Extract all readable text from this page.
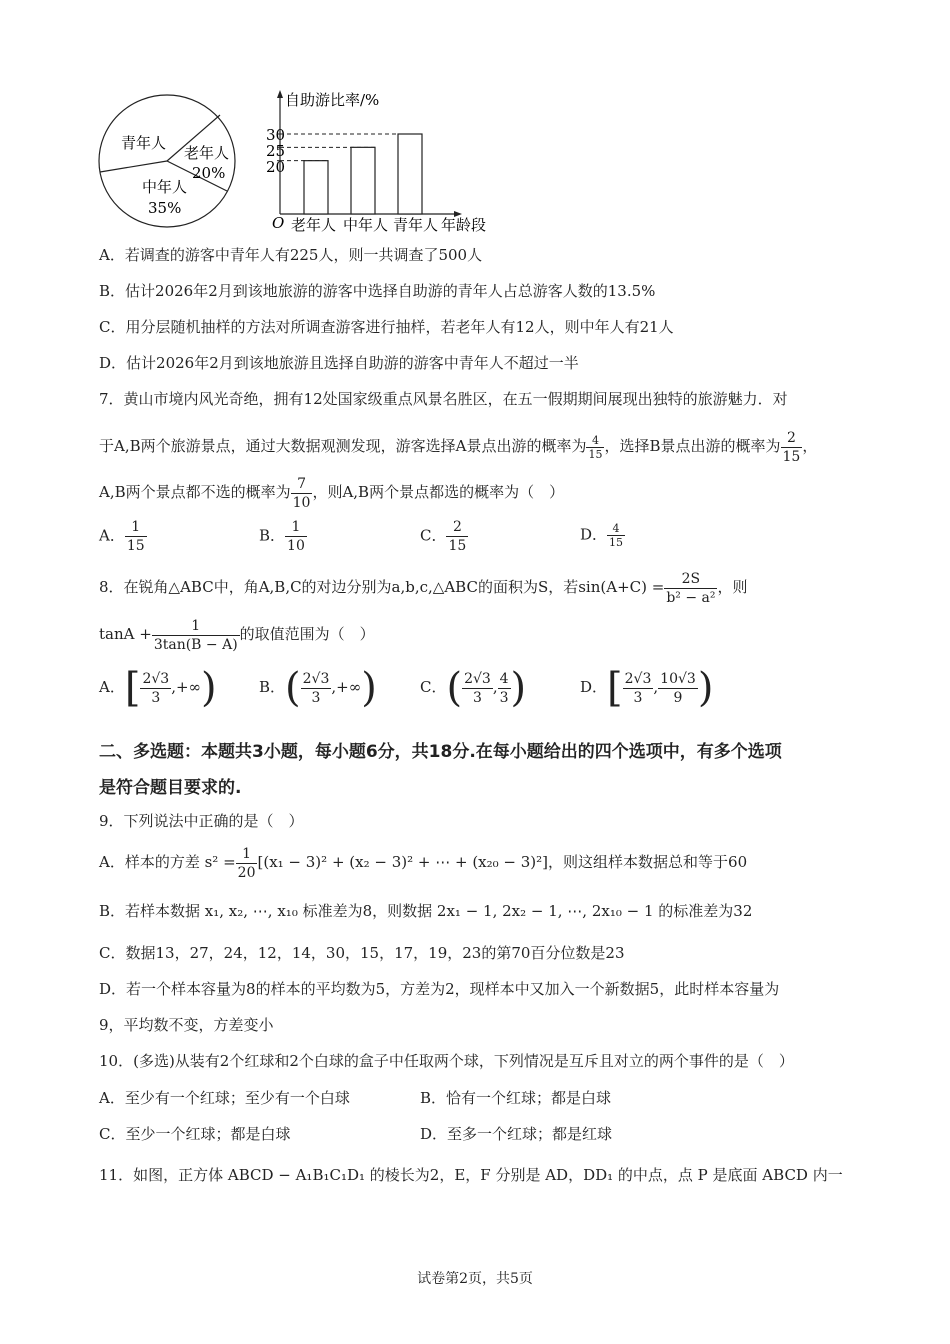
青年人
老年人
20%
中年人
35%
自助游比率/%
30
25
20
O 老年人 中年人 青年人 年龄段
A．若调查的游客中青年人有225人，则一共调查了500人
B．估计2026年2月到该地旅游的游客中选择自助游的青年人占总游客人数的13.5%
C．用分层随机抽样的方法对所调查游客进行抽样，若老年人有12人，则中年人有21人
D．估计2026年2月到该地旅游且选择自助游的游客中青年人不超过一半
7．黄山市境内风光奇绝，拥有12处国家级重点风景名胜区，在五一假期期间展现出独特的旅游魅力．对
于A,B两个旅游景点，通过大数据观测发现，游客选择A景点出游的概率为 $\frac{4}{15}$ ，选择B景点出游的概率为 $\frac{2}{15}$ ，
A,B两个景点都不选的概率为 $\frac{7}{10}$ ，则A,B两个景点都选的概率为（　）
A． $\frac{1}{15}$	B． $\frac{1}{10}$	C． $\frac{2}{15}$	D． $\frac{4}{15}$
8．在锐角△ABC中，角A,B,C的对边分别为a,b,c,△ABC的面积为S，若$\sin(A+C) = \frac{2S}{\text{b² − a²}}$ ，则
$\tan A + \frac{1}{3\tan(B - A)}$ 的取值范围为（　）
A．[ $\frac{2√3}{3}$ ,+∞)	B．( $\frac{2√3}{3}$ ,+∞)	C．( $\frac{2√3}{3}$ , $\frac{4}{3}$ )	D．[ $\frac{2√3}{3}$ , $\frac{10√3}{9}$ )
二、多选题：本题共3小题，每小题6分，共18分.在每小题给出的四个选项中，有多个选项
是符合题目要求的.
9．下列说法中正确的是（　）
A．样本的方差 $s^2 = \frac{1}{20} [(x_1 - 3)^2 + (x_2 - 3)^2$ + ⋯ + (x₂₀ − 3)²]，则这组样本数据总和等于60
B．若样本数据 x₁, x₂, ⋯, x₁₀ 标准差为8，则数据 2x₁ − 1, 2x₂ − 1, ⋯, 2x₁₀ − 1 的标准差为32
C．数据13，27，24，12，14，30，15，17，19，23的第70百分位数是23
D．若一个样本容量为8的样本的平均数为5，方差为2，现样本中又加入一个新数据5，此时样本容量为
9，平均数不变，方差变小
10．(多选)从装有2个红球和2个白球的盒子中任取两个球，下列情况是互斥且对立的两个事件的是（　）
A．至少有一个红球；至少有一个白球	B．恰有一个红球；都是白球
C．至少一个红球；都是白球	D．至多一个红球；都是红球
11．如图，正方体 ABCD − A₁B₁C₁D₁ 的棱长为2，E，F 分别是 AD，DD₁ 的中点，点 P 是底面 ABCD 内一
试卷第2页，共5页
